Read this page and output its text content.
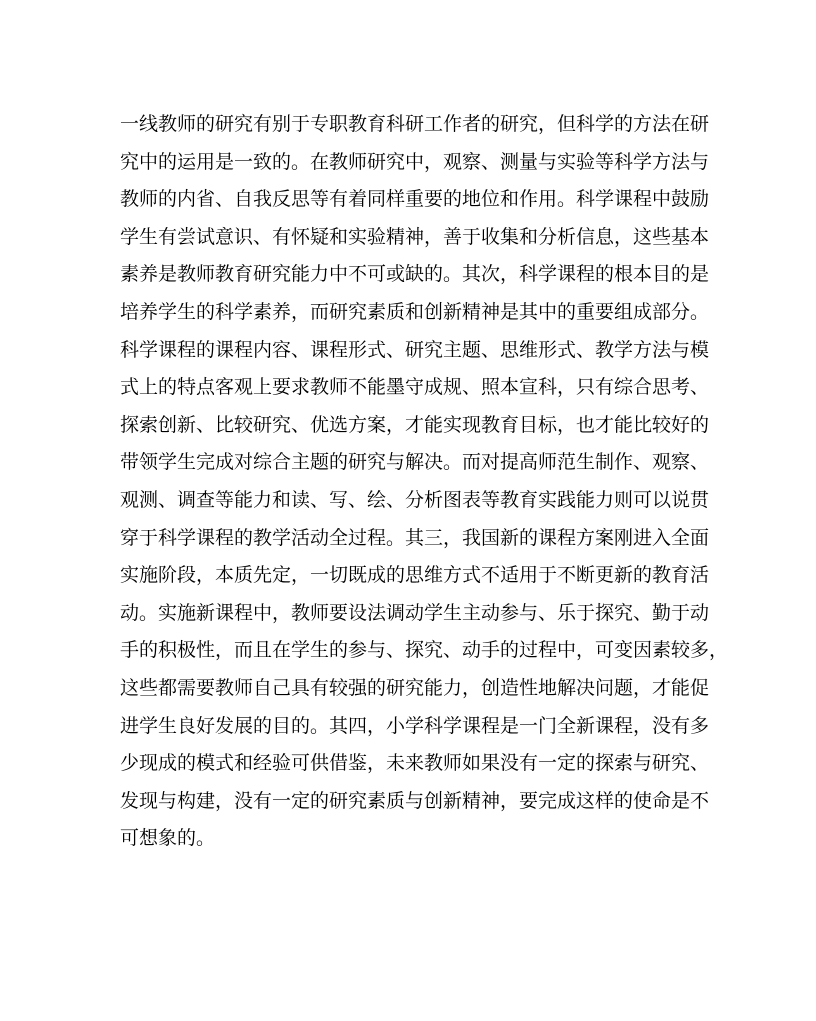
一线教师的研究有别于专职教育科研工作者的研究，但科学的方法在研
究中的运用是一致的。在教师研究中，观察、测量与实验等科学方法与
教师的内省、自我反思等有着同样重要的地位和作用。科学课程中鼓励
学生有尝试意识、有怀疑和实验精神，善于收集和分析信息，这些基本
素养是教师教育研究能力中不可或缺的。其次，科学课程的根本目的是
培养学生的科学素养，而研究素质和创新精神是其中的重要组成部分。
科学课程的课程内容、课程形式、研究主题、思维形式、教学方法与模
式上的特点客观上要求教师不能墨守成规、照本宣科，只有综合思考、
探索创新、比较研究、优选方案，才能实现教育目标，也才能比较好的
带领学生完成对综合主题的研究与解决。而对提高师范生制作、观察、
观测、调查等能力和读、写、绘、分析图表等教育实践能力则可以说贯
穿于科学课程的教学活动全过程。其三，我国新的课程方案刚进入全面
实施阶段，本质先定，一切既成的思维方式不适用于不断更新的教育活
动。实施新课程中，教师要设法调动学生主动参与、乐于探究、勤于动
手的积极性，而且在学生的参与、探究、动手的过程中，可变因素较多，
这些都需要教师自己具有较强的研究能力，创造性地解决问题，才能促
进学生良好发展的目的。其四，小学科学课程是一门全新课程，没有多
少现成的模式和经验可供借鉴，未来教师如果没有一定的探索与研究、
发现与构建，没有一定的研究素质与创新精神，要完成这样的使命是不
可想象的。
